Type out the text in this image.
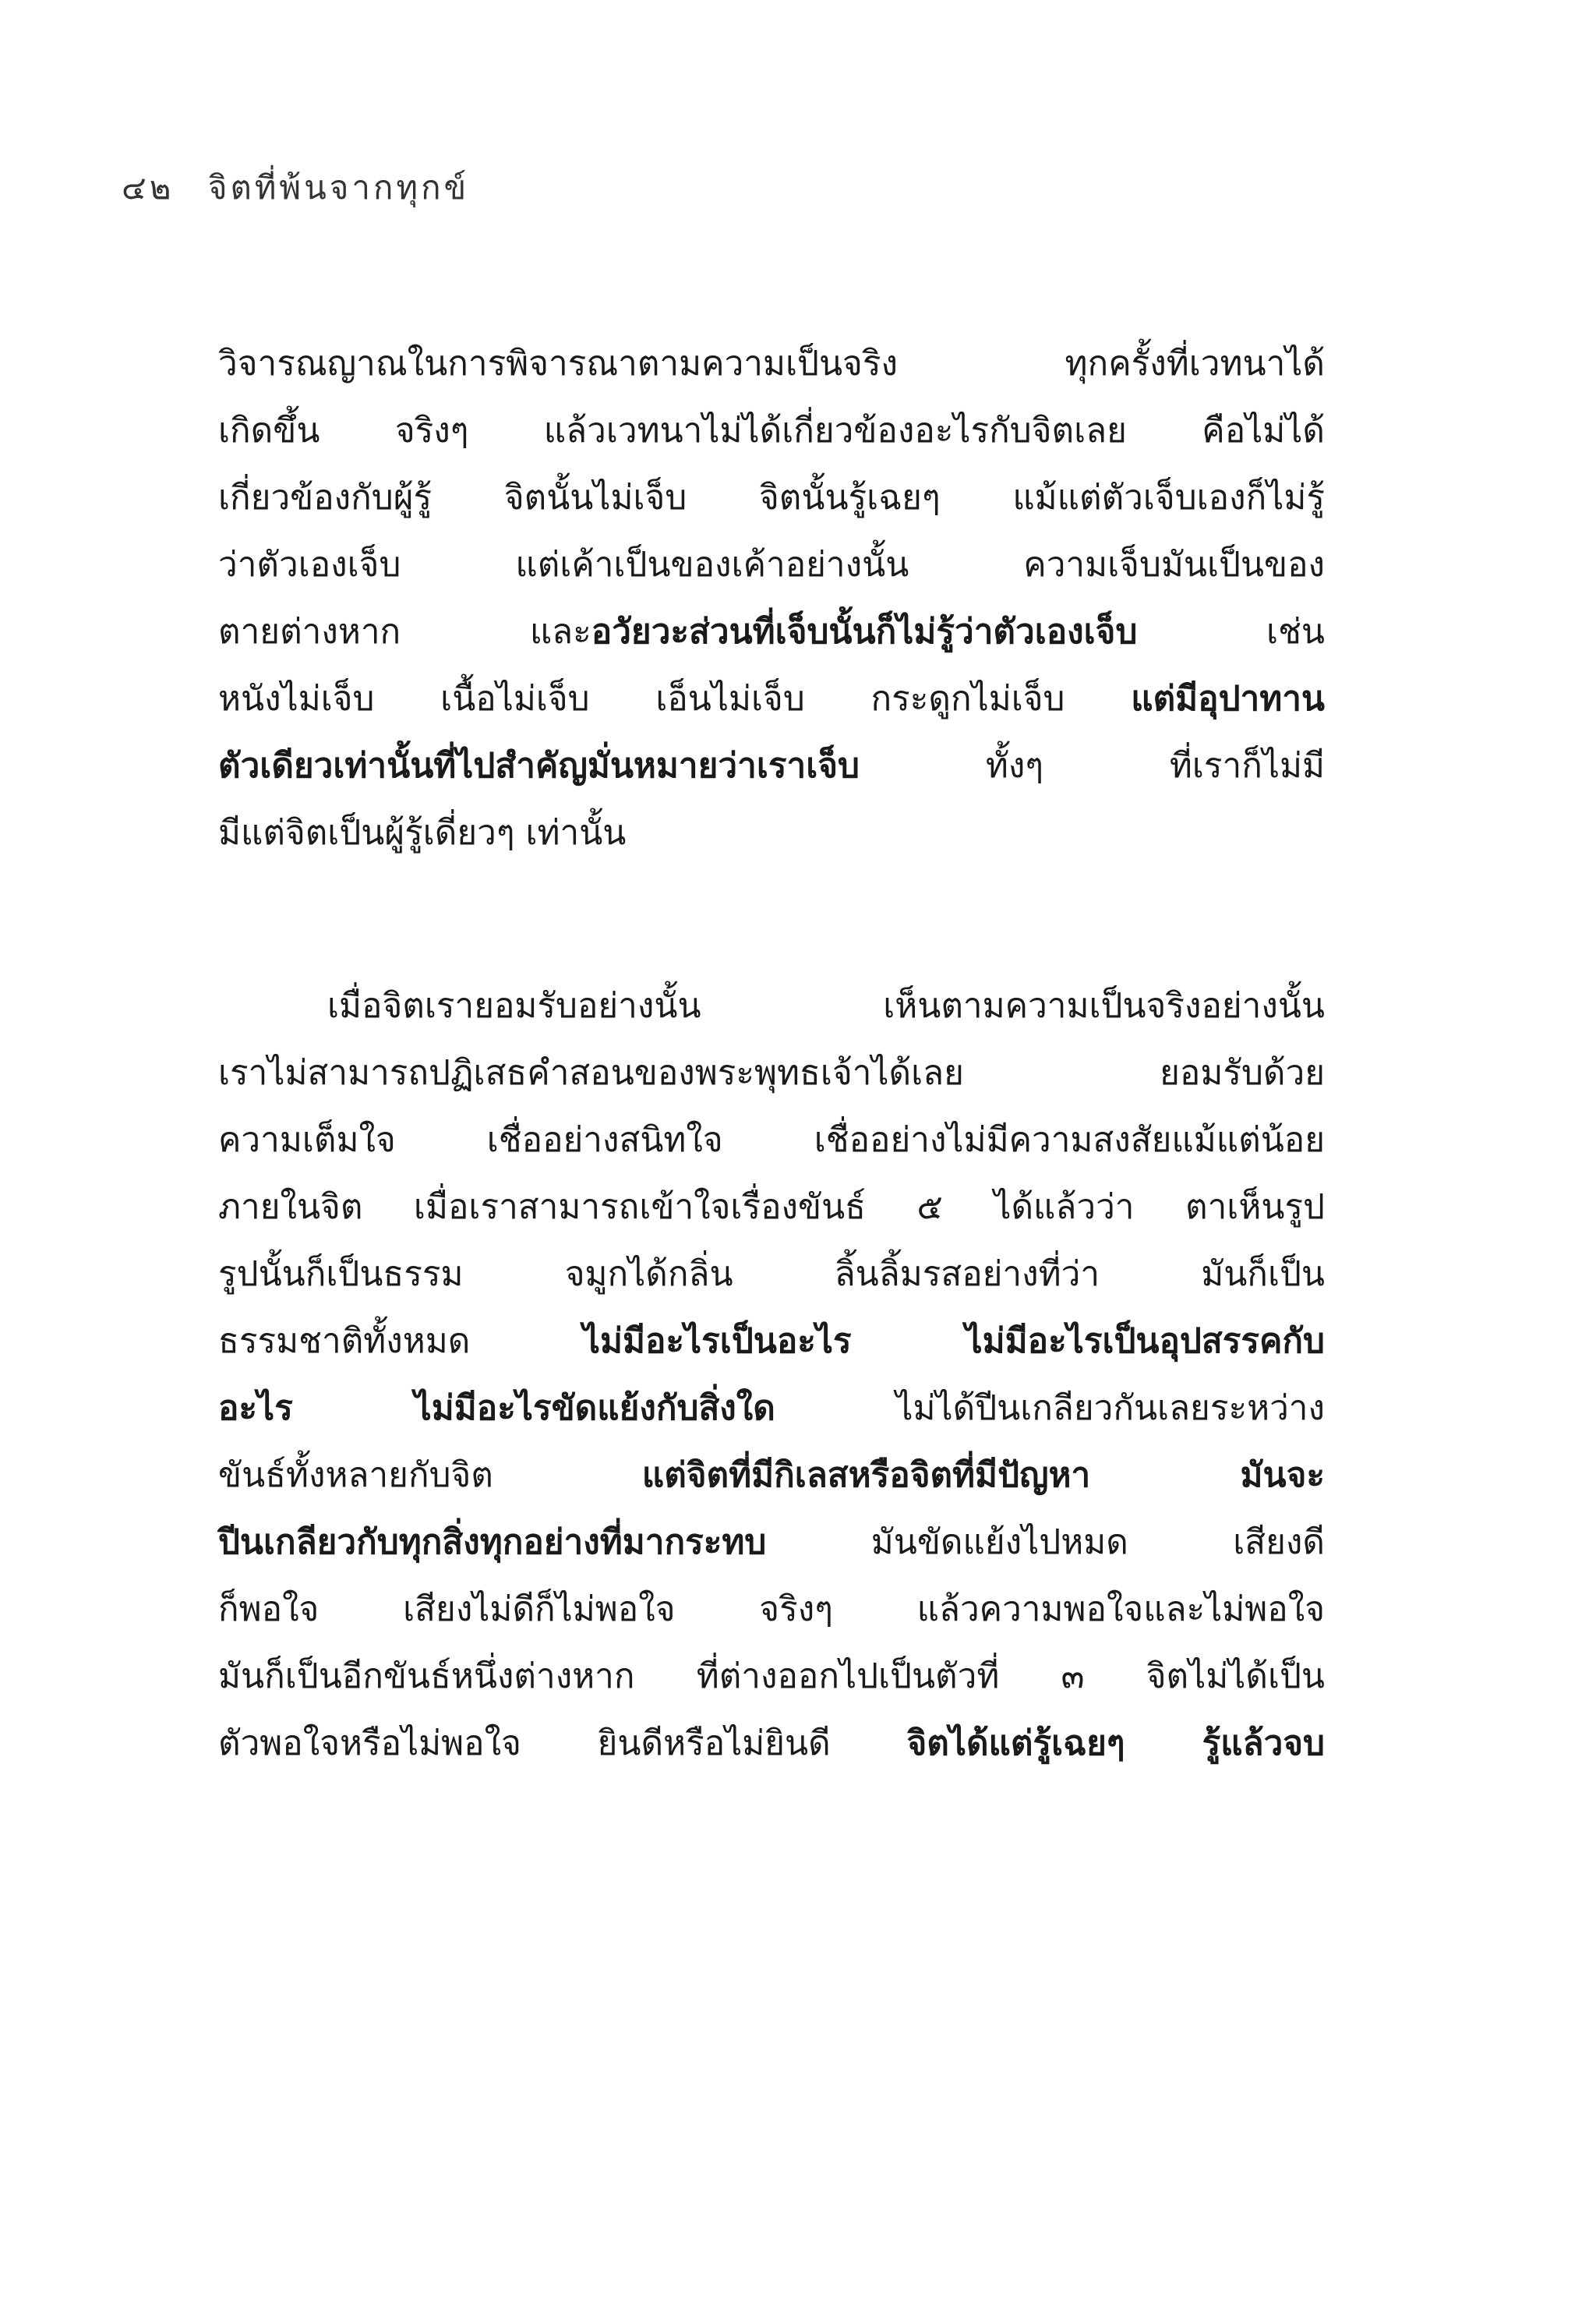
๔๒ จิตที่พ้นจากทุกข์
วิจารณญาณในการพิจารณาตามความเป็นจริง ทุกครั้งที่เวทนาได้
เกิดขึ้น จริงๆ แล้วเวทนาไม่ได้เกี่ยวข้องอะไรกับจิตเลย คือไม่ได้
เกี่ยวข้องกับผู้รู้ จิตนั้นไม่เจ็บ จิตนั้นรู้เฉยๆ แม้แต่ตัวเจ็บเองก็ไม่รู้
ว่าตัวเองเจ็บ แต่เค้าเป็นของเค้าอย่างนั้น ความเจ็บมันเป็นของ
ตายต่างหาก และอวัยวะส่วนที่เจ็บนั้นก็ไม่รู้ว่าตัวเองเจ็บ เช่น
หนังไม่เจ็บ เนื้อไม่เจ็บ เอ็นไม่เจ็บ กระดูกไม่เจ็บ แต่มีอุปาทาน
ตัวเดียวเท่านั้นที่ไปสำคัญมั่นหมายว่าเราเจ็บ ทั้งๆ ที่เราก็ไม่มี
มีแต่จิตเป็นผู้รู้เดี่ยวๆ เท่านั้น
เมื่อจิตเรายอมรับอย่างนั้น เห็นตามความเป็นจริงอย่างนั้น
เราไม่สามารถปฏิเสธคำสอนของพระพุทธเจ้าได้เลย ยอมรับด้วย
ความเต็มใจ เชื่ออย่างสนิทใจ เชื่ออย่างไม่มีความสงสัยแม้แต่น้อย
ภายในจิต เมื่อเราสามารถเข้าใจเรื่องขันธ์ ๕ ได้แล้วว่า ตาเห็นรูป
รูปนั้นก็เป็นธรรม จมูกได้กลิ่น ลิ้นลิ้มรสอย่างที่ว่า มันก็เป็น
ธรรมชาติทั้งหมด ไม่มีอะไรเป็นอะไร ไม่มีอะไรเป็นอุปสรรคกับ
อะไร ไม่มีอะไรขัดแย้งกับสิ่งใด ไม่ได้ปีนเกลียวกันเลยระหว่าง
ขันธ์ทั้งหลายกับจิต แต่จิตที่มีกิเลสหรือจิตที่มีปัญหา มันจะ
ปีนเกลียวกับทุกสิ่งทุกอย่างที่มากระทบ มันขัดแย้งไปหมด เสียงดี
ก็พอใจ เสียงไม่ดีก็ไม่พอใจ จริงๆ แล้วความพอใจและไม่พอใจ
มันก็เป็นอีกขันธ์หนึ่งต่างหาก ที่ต่างออกไปเป็นตัวที่ ๓ จิตไม่ได้เป็น
ตัวพอใจหรือไม่พอใจ ยินดีหรือไม่ยินดี จิตได้แต่รู้เฉยๆ รู้แล้วจบ
